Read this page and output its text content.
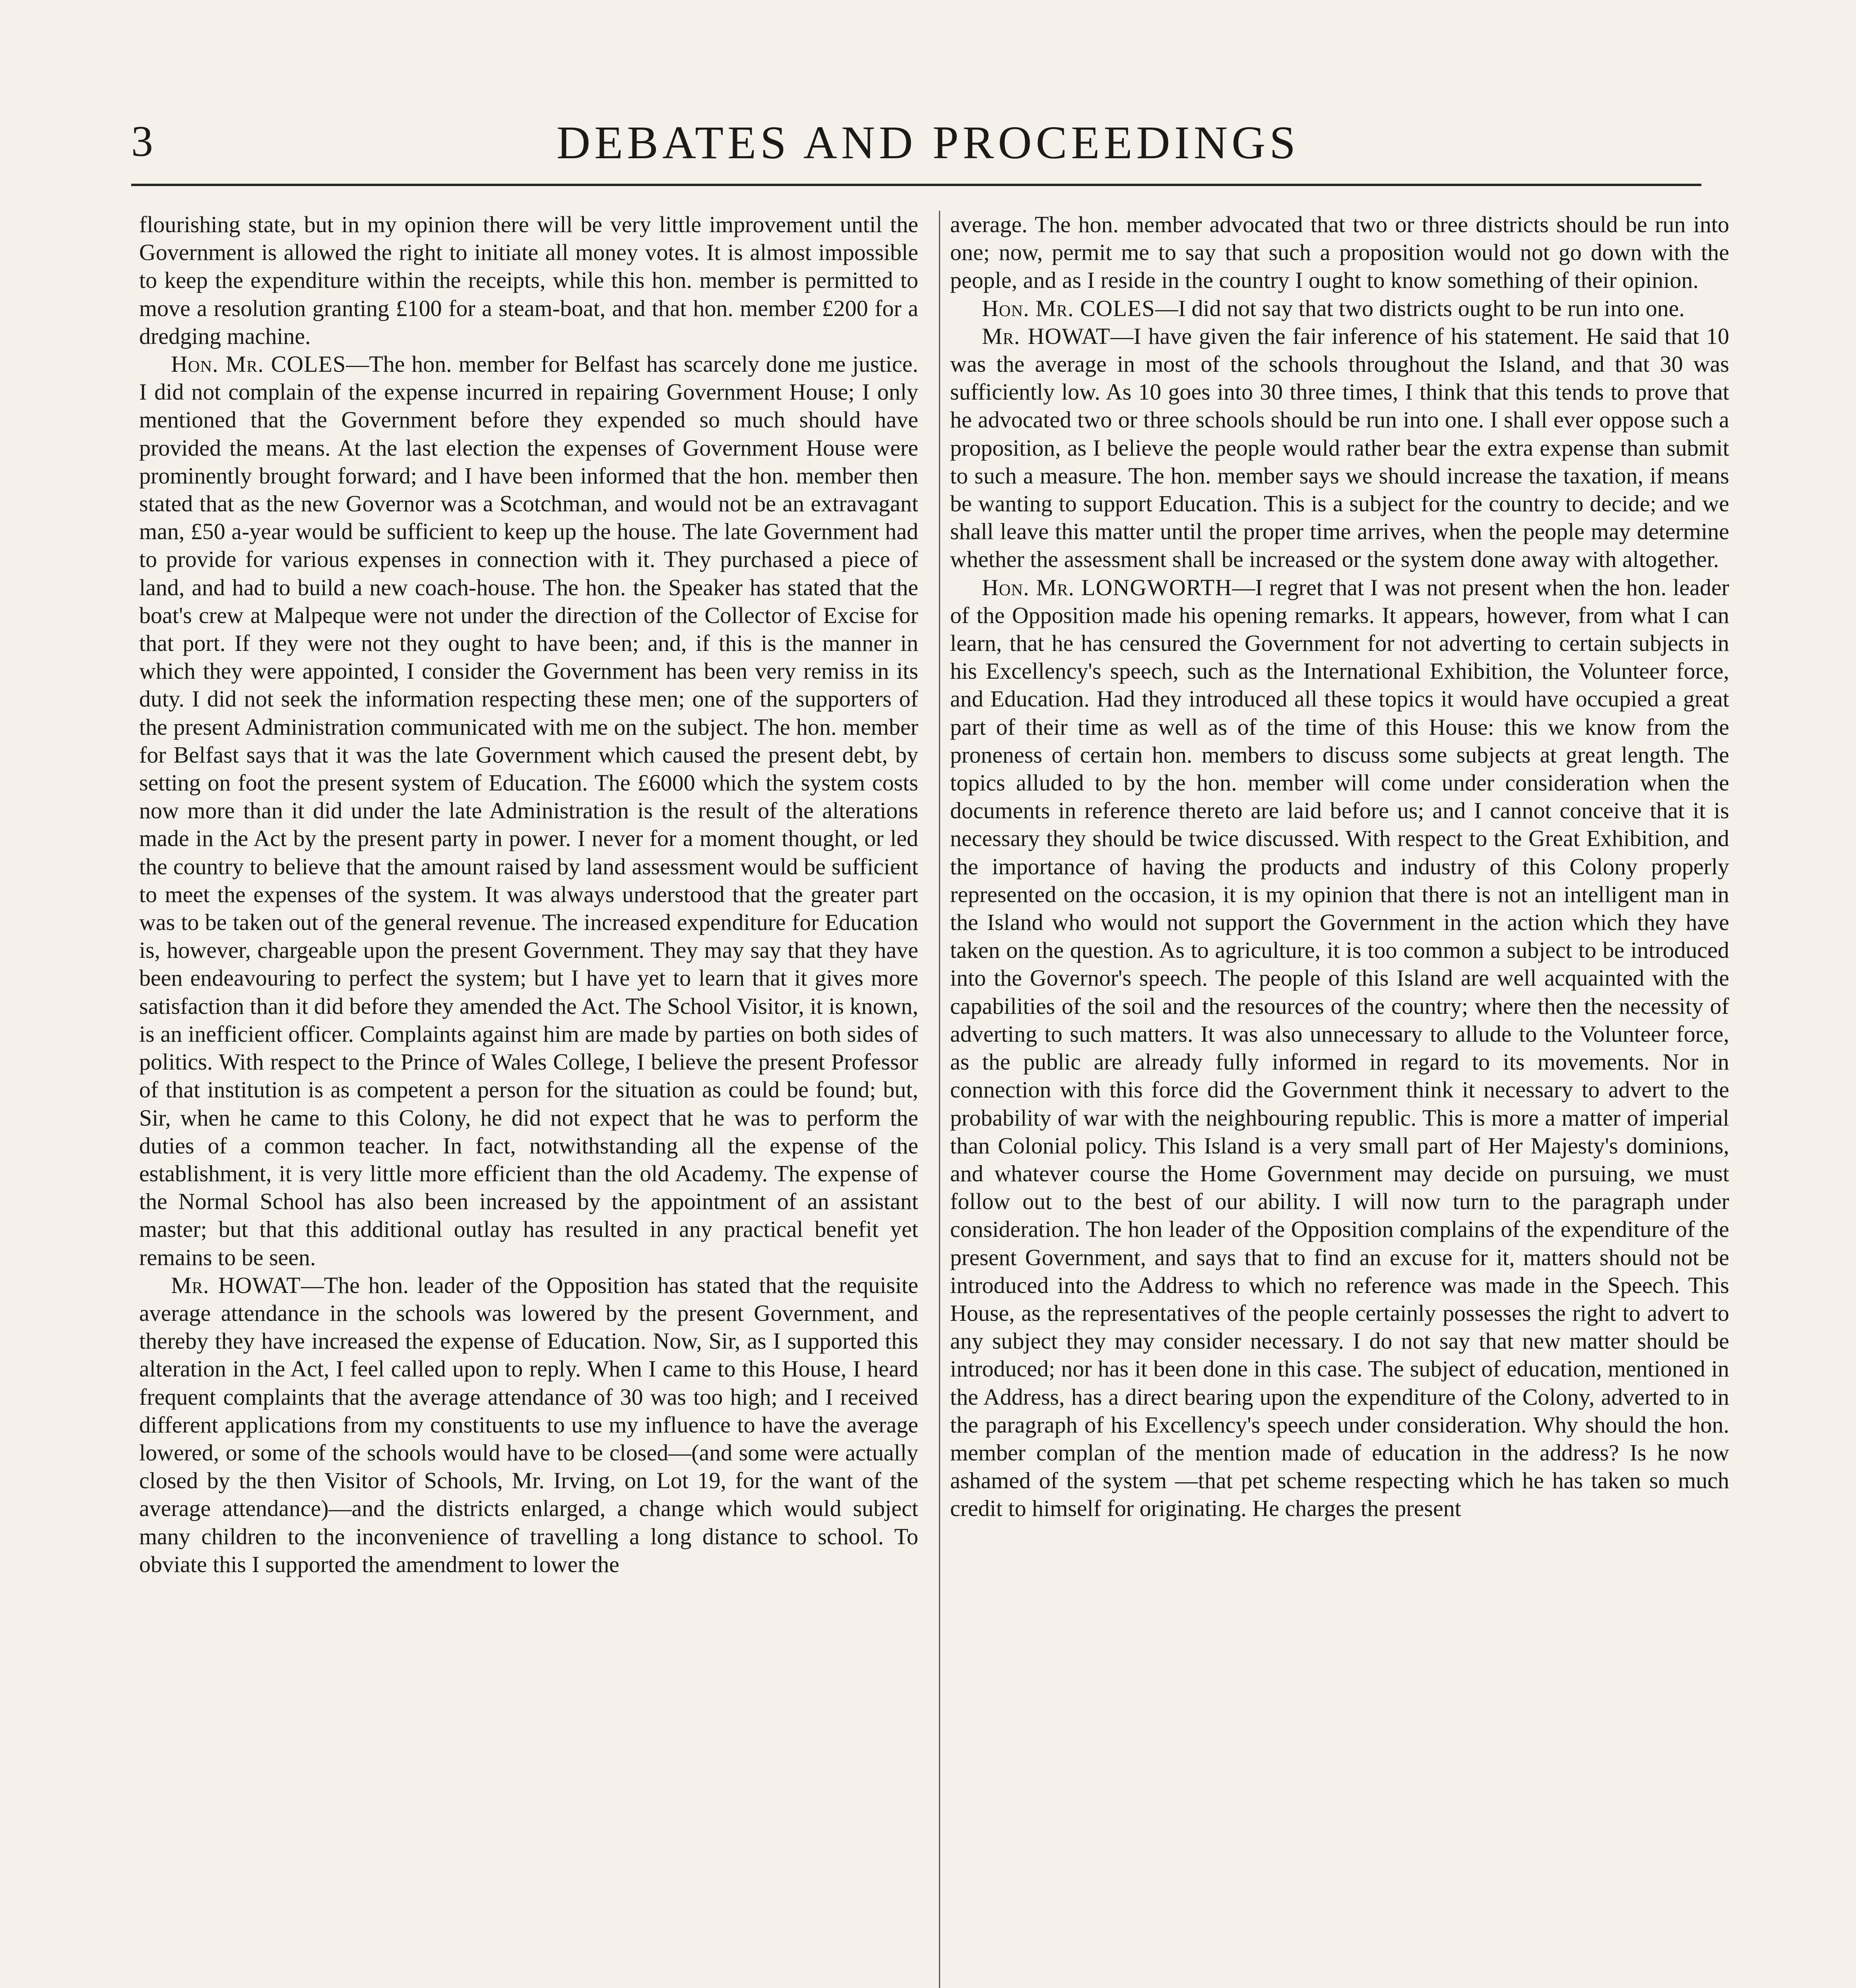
3	DEBATES AND PROCEEDINGS

flourishing state, but in my opinion there will be very little improvement until the Government is allowed the right to initiate all money votes. It is almost impossible to keep the expenditure within the receipts, while this hon. member is permitted to move a resolution granting £100 for a steam-boat, and that hon. member £200 for a dredging machine.

Hon. Mr. COLES—The hon. member for Belfast has scarcely done me justice. I did not complain of the expense incurred in repairing Government House; I only mentioned that the Government before they expended so much should have provided the means. At the last election the expenses of Government House were prominently brought forward; and I have been informed that the hon. member then stated that as the new Governor was a Scotchman, and would not be an extravagant man, £50 a-year would be sufficient to keep up the house. The late Government had to provide for various expenses in connection with it. They purchased a piece of land, and had to build a new coach-house. The hon. the Speaker has stated that the boat's crew at Malpeque were not under the direction of the Collector of Excise for that port. If they were not they ought to have been; and, if this is the manner in which they were appointed, I consider the Government has been very remiss in its duty. I did not seek the information respecting these men; one of the supporters of the present Administration communicated with me on the subject. The hon. member for Belfast says that it was the late Government which caused the present debt, by setting on foot the present system of Education. The £6000 which the system costs now more than it did under the late Administration is the result of the alterations made in the Act by the present party in power. I never for a moment thought, or led the country to believe that the amount raised by land assessment would be sufficient to meet the expenses of the system. It was always understood that the greater part was to be taken out of the general revenue. The increased expenditure for Education is, however, chargeable upon the present Government. They may say that they have been endeavouring to perfect the system; but I have yet to learn that it gives more satisfaction than it did before they amended the Act. The School Visitor, it is known, is an inefficient officer. Complaints against him are made by parties on both sides of politics. With respect to the Prince of Wales College, I believe the present Professor of that institution is as competent a person for the situation as could be found; but, Sir, when he came to this Colony, he did not expect that he was to perform the duties of a common teacher. In fact, notwithstanding all the expense of the establishment, it is very little more efficient than the old Academy. The expense of the Normal School has also been increased by the appointment of an assistant master; but that this additional outlay has resulted in any practical benefit yet remains to be seen.

Mr. HOWAT—The hon. leader of the Opposition has stated that the requisite average attendance in the schools was lowered by the present Government, and thereby they have increased the expense of Education. Now, Sir, as I supported this alteration in the Act, I feel called upon to reply. When I came to this House, I heard frequent complaints that the average attendance of 30 was too high; and I received different applications from my constituents to use my influence to have the average lowered, or some of the schools would have to be closed—(and some were actually closed by the then Visitor of Schools, Mr. Irving, on Lot 19, for the want of the average attendance)—and the districts enlarged, a change which would subject many children to the inconvenience of travelling a long distance to school. To obviate this I supported the amendment to lower the

average. The hon. member advocated that two or three districts should be run into one; now, permit me to say that such a proposition would not go down with the people, and as I reside in the country I ought to know something of their opinion.

Hon. Mr. COLES—I did not say that two districts ought to be run into one.

Mr. HOWAT—I have given the fair inference of his statement. He said that 10 was the average in most of the schools throughout the Island, and that 30 was sufficiently low. As 10 goes into 30 three times, I think that this tends to prove that he advocated two or three schools should be run into one. I shall ever oppose such a proposition, as I believe the people would rather bear the extra expense than submit to such a measure. The hon. member says we should increase the taxation, if means be wanting to support Education. This is a subject for the country to decide; and we shall leave this matter until the proper time arrives, when the people may determine whether the assessment shall be increased or the system done away with altogether.

Hon. Mr. LONGWORTH—I regret that I was not present when the hon. leader of the Opposition made his opening remarks. It appears, however, from what I can learn, that he has censured the Government for not adverting to certain subjects in his Excellency's speech, such as the International Exhibition, the Volunteer force, and Education. Had they introduced all these topics it would have occupied a great part of their time as well as of the time of this House: this we know from the proneness of certain hon. members to discuss some subjects at great length. The topics alluded to by the hon. member will come under consideration when the documents in reference thereto are laid before us; and I cannot conceive that it is necessary they should be twice discussed. With respect to the Great Exhibition, and the importance of having the products and industry of this Colony properly represented on the occasion, it is my opinion that there is not an intelligent man in the Island who would not support the Government in the action which they have taken on the question. As to agriculture, it is too common a subject to be introduced into the Governor's speech. The people of this Island are well acquainted with the capabilities of the soil and the resources of the country; where then the necessity of adverting to such matters. It was also unnecessary to allude to the Volunteer force, as the public are already fully informed in regard to its movements. Nor in connection with this force did the Government think it necessary to advert to the probability of war with the neighbouring republic. This is more a matter of imperial than Colonial policy. This Island is a very small part of Her Majesty's dominions, and whatever course the Home Government may decide on pursuing, we must follow out to the best of our ability. I will now turn to the paragraph under consideration. The hon leader of the Opposition complains of the expenditure of the present Government, and says that to find an excuse for it, matters should not be introduced into the Address to which no reference was made in the Speech. This House, as the representatives of the people certainly possesses the right to advert to any subject they may consider necessary. I do not say that new matter should be introduced; nor has it been done in this case. The subject of education, mentioned in the Address, has a direct bearing upon the expenditure of the Colony, adverted to in the paragraph of his Excellency's speech under consideration. Why should the hon. member complan of the mention made of education in the address? Is he now ashamed of the system —that pet scheme respecting which he has taken so much credit to himself for originating. He charges the present
